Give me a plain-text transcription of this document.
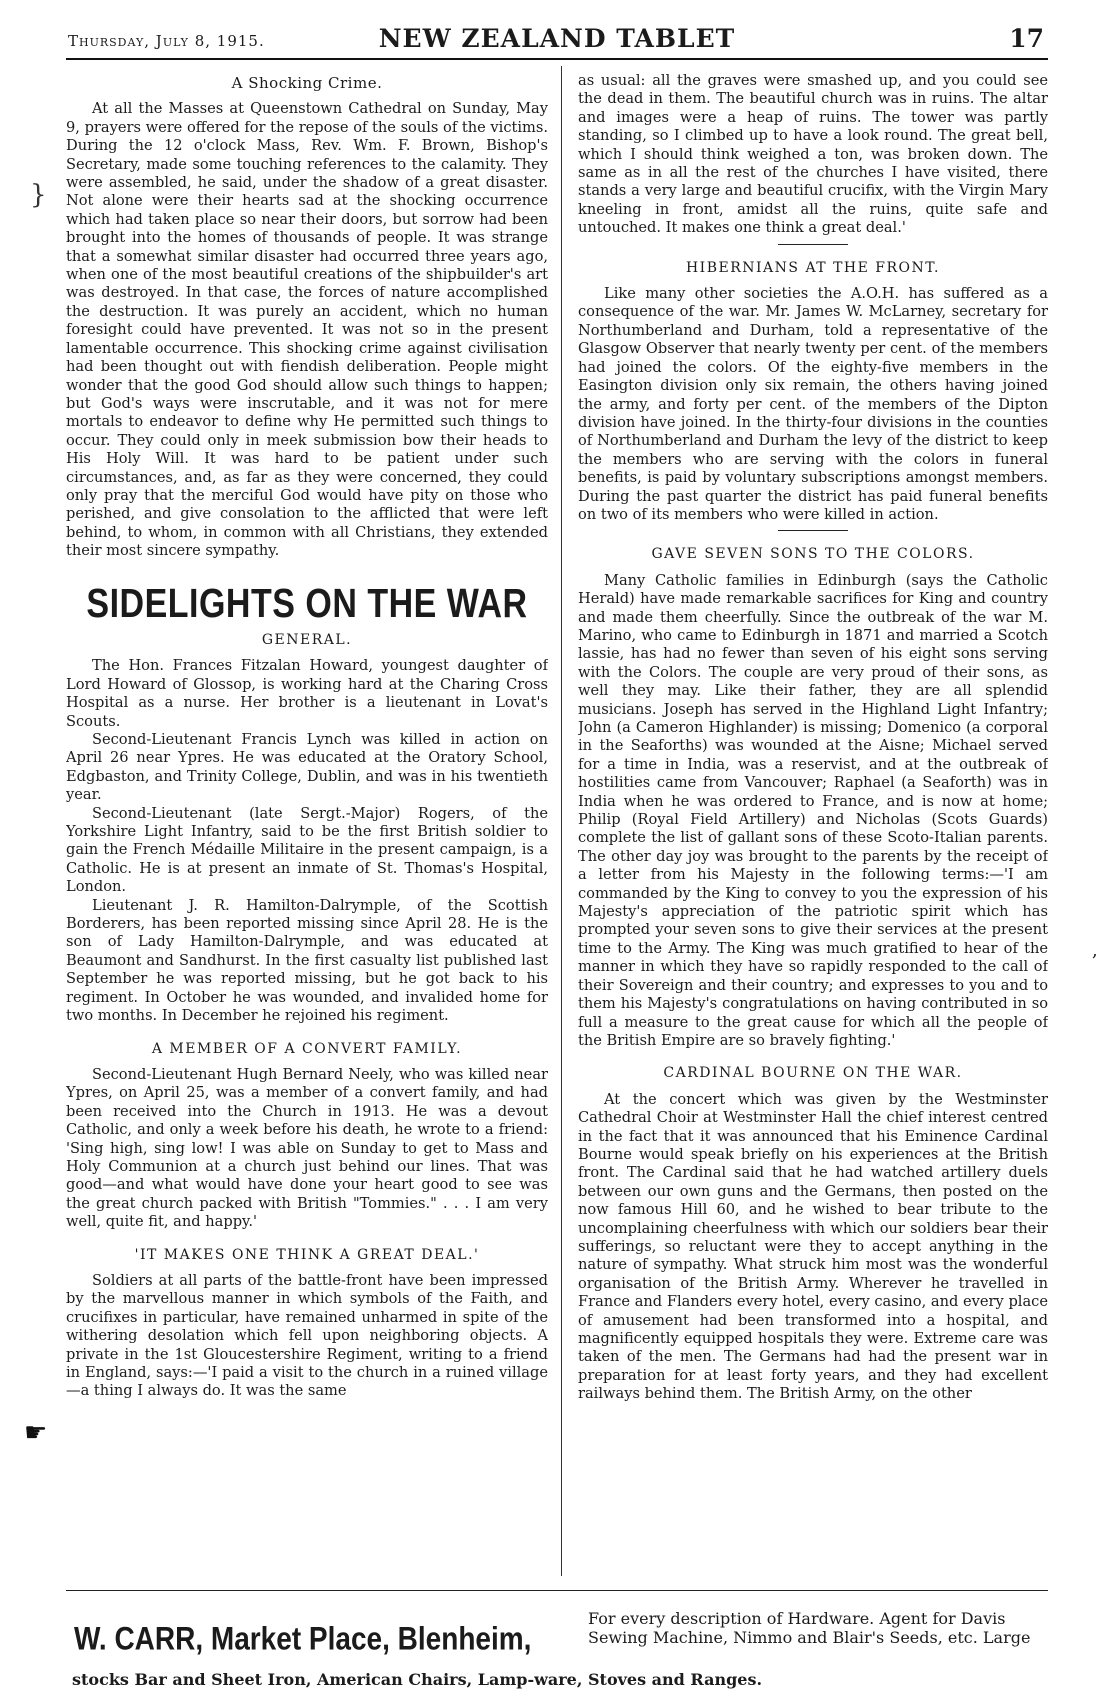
Thursday, July 8, 1915.	NEW ZEALAND TABLET	17
}
☛
,
A Shocking Crime.

At all the Masses at Queenstown Cathedral on Sunday, May 9, prayers were offered for the repose of the souls of the victims. During the 12 o'clock Mass, Rev. Wm. F. Brown, Bishop's Secretary, made some touching references to the calamity. They were assembled, he said, under the shadow of a great disaster. Not alone were their hearts sad at the shocking occurrence which had taken place so near their doors, but sorrow had been brought into the homes of thousands of people. It was strange that a somewhat similar disaster had occurred three years ago, when one of the most beautiful creations of the shipbuilder's art was destroyed. In that case, the forces of nature accomplished the destruction. It was purely an accident, which no human foresight could have prevented. It was not so in the present lamentable occurrence. This shocking crime against civilisation had been thought out with fiendish deliberation. People might wonder that the good God should allow such things to happen; but God's ways were inscrutable, and it was not for mere mortals to endeavor to define why He permitted such things to occur. They could only in meek submission bow their heads to His Holy Will. It was hard to be patient under such circumstances, and, as far as they were concerned, they could only pray that the merciful God would have pity on those who perished, and give consolation to the afflicted that were left behind, to whom, in common with all Christians, they extended their most sincere sympathy.

SIDELIGHTS ON THE WAR
GENERAL.

The Hon. Frances Fitzalan Howard, youngest daughter of Lord Howard of Glossop, is working hard at the Charing Cross Hospital as a nurse. Her brother is a lieutenant in Lovat's Scouts.

Second-Lieutenant Francis Lynch was killed in action on April 26 near Ypres. He was educated at the Oratory School, Edgbaston, and Trinity College, Dublin, and was in his twentieth year.

Second-Lieutenant (late Sergt.-Major) Rogers, of the Yorkshire Light Infantry, said to be the first British soldier to gain the French Médaille Militaire in the present campaign, is a Catholic. He is at present an inmate of St. Thomas's Hospital, London.

Lieutenant J. R. Hamilton-Dalrymple, of the Scottish Borderers, has been reported missing since April 28. He is the son of Lady Hamilton-Dalrymple, and was educated at Beaumont and Sandhurst. In the first casualty list published last September he was reported missing, but he got back to his regiment. In October he was wounded, and invalided home for two months. In December he rejoined his regiment.

A MEMBER OF A CONVERT FAMILY.

Second-Lieutenant Hugh Bernard Neely, who was killed near Ypres, on April 25, was a member of a convert family, and had been received into the Church in 1913. He was a devout Catholic, and only a week before his death, he wrote to a friend: 'Sing high, sing low! I was able on Sunday to get to Mass and Holy Communion at a church just behind our lines. That was good—and what would have done your heart good to see was the great church packed with British "Tommies." . . . I am very well, quite fit, and happy.'

'IT MAKES ONE THINK A GREAT DEAL.'

Soldiers at all parts of the battle-front have been impressed by the marvellous manner in which symbols of the Faith, and crucifixes in particular, have remained unharmed in spite of the withering desolation which fell upon neighboring objects. A private in the 1st Gloucestershire Regiment, writing to a friend in England, says:—'I paid a visit to the church in a ruined village—a thing I always do. It was the same

as usual: all the graves were smashed up, and you could see the dead in them. The beautiful church was in ruins. The altar and images were a heap of ruins. The tower was partly standing, so I climbed up to have a look round. The great bell, which I should think weighed a ton, was broken down. The same as in all the rest of the churches I have visited, there stands a very large and beautiful crucifix, with the Virgin Mary kneeling in front, amidst all the ruins, quite safe and untouched. It makes one think a great deal.'

HIBERNIANS AT THE FRONT.

Like many other societies the A.O.H. has suffered as a consequence of the war. Mr. James W. McLarney, secretary for Northumberland and Durham, told a representative of the Glasgow Observer that nearly twenty per cent. of the members had joined the colors. Of the eighty-five members in the Easington division only six remain, the others having joined the army, and forty per cent. of the members of the Dipton division have joined. In the thirty-four divisions in the counties of Northumberland and Durham the levy of the district to keep the members who are serving with the colors in funeral benefits, is paid by voluntary subscriptions amongst members. During the past quarter the district has paid funeral benefits on two of its members who were killed in action.

GAVE SEVEN SONS TO THE COLORS.

Many Catholic families in Edinburgh (says the Catholic Herald) have made remarkable sacrifices for King and country and made them cheerfully. Since the outbreak of the war M. Marino, who came to Edinburgh in 1871 and married a Scotch lassie, has had no fewer than seven of his eight sons serving with the Colors. The couple are very proud of their sons, as well they may. Like their father, they are all splendid musicians. Joseph has served in the Highland Light Infantry; John (a Cameron Highlander) is missing; Domenico (a corporal in the Seaforths) was wounded at the Aisne; Michael served for a time in India, was a reservist, and at the outbreak of hostilities came from Vancouver; Raphael (a Seaforth) was in India when he was ordered to France, and is now at home; Philip (Royal Field Artillery) and Nicholas (Scots Guards) complete the list of gallant sons of these Scoto-Italian parents. The other day joy was brought to the parents by the receipt of a letter from his Majesty in the following terms:—'I am commanded by the King to convey to you the expression of his Majesty's appreciation of the patriotic spirit which has prompted your seven sons to give their services at the present time to the Army. The King was much gratified to hear of the manner in which they have so rapidly responded to the call of their Sovereign and their country; and expresses to you and to them his Majesty's congratulations on having contributed in so full a measure to the great cause for which all the people of the British Empire are so bravely fighting.'

CARDINAL BOURNE ON THE WAR.

At the concert which was given by the Westminster Cathedral Choir at Westminster Hall the chief interest centred in the fact that it was announced that his Eminence Cardinal Bourne would speak briefly on his experiences at the British front. The Cardinal said that he had watched artillery duels between our own guns and the Germans, then posted on the now famous Hill 60, and he wished to bear tribute to the uncomplaining cheerfulness with which our soldiers bear their sufferings, so reluctant were they to accept anything in the nature of sympathy. What struck him most was the wonderful organisation of the British Army. Wherever he travelled in France and Flanders every hotel, every casino, and every place of amusement had been transformed into a hospital, and magnificently equipped hospitals they were. Extreme care was taken of the men. The Germans had had the present war in preparation for at least forty years, and they had excellent railways behind them. The British Army, on the other

W. CARR, Market Place, Blenheim,
For every description of Hardware. Agent for Davis Sewing Machine, Nimmo and Blair's Seeds, etc. Large
stocks Bar and Sheet Iron, American Chairs, Lamp-ware, Stoves and Ranges.
